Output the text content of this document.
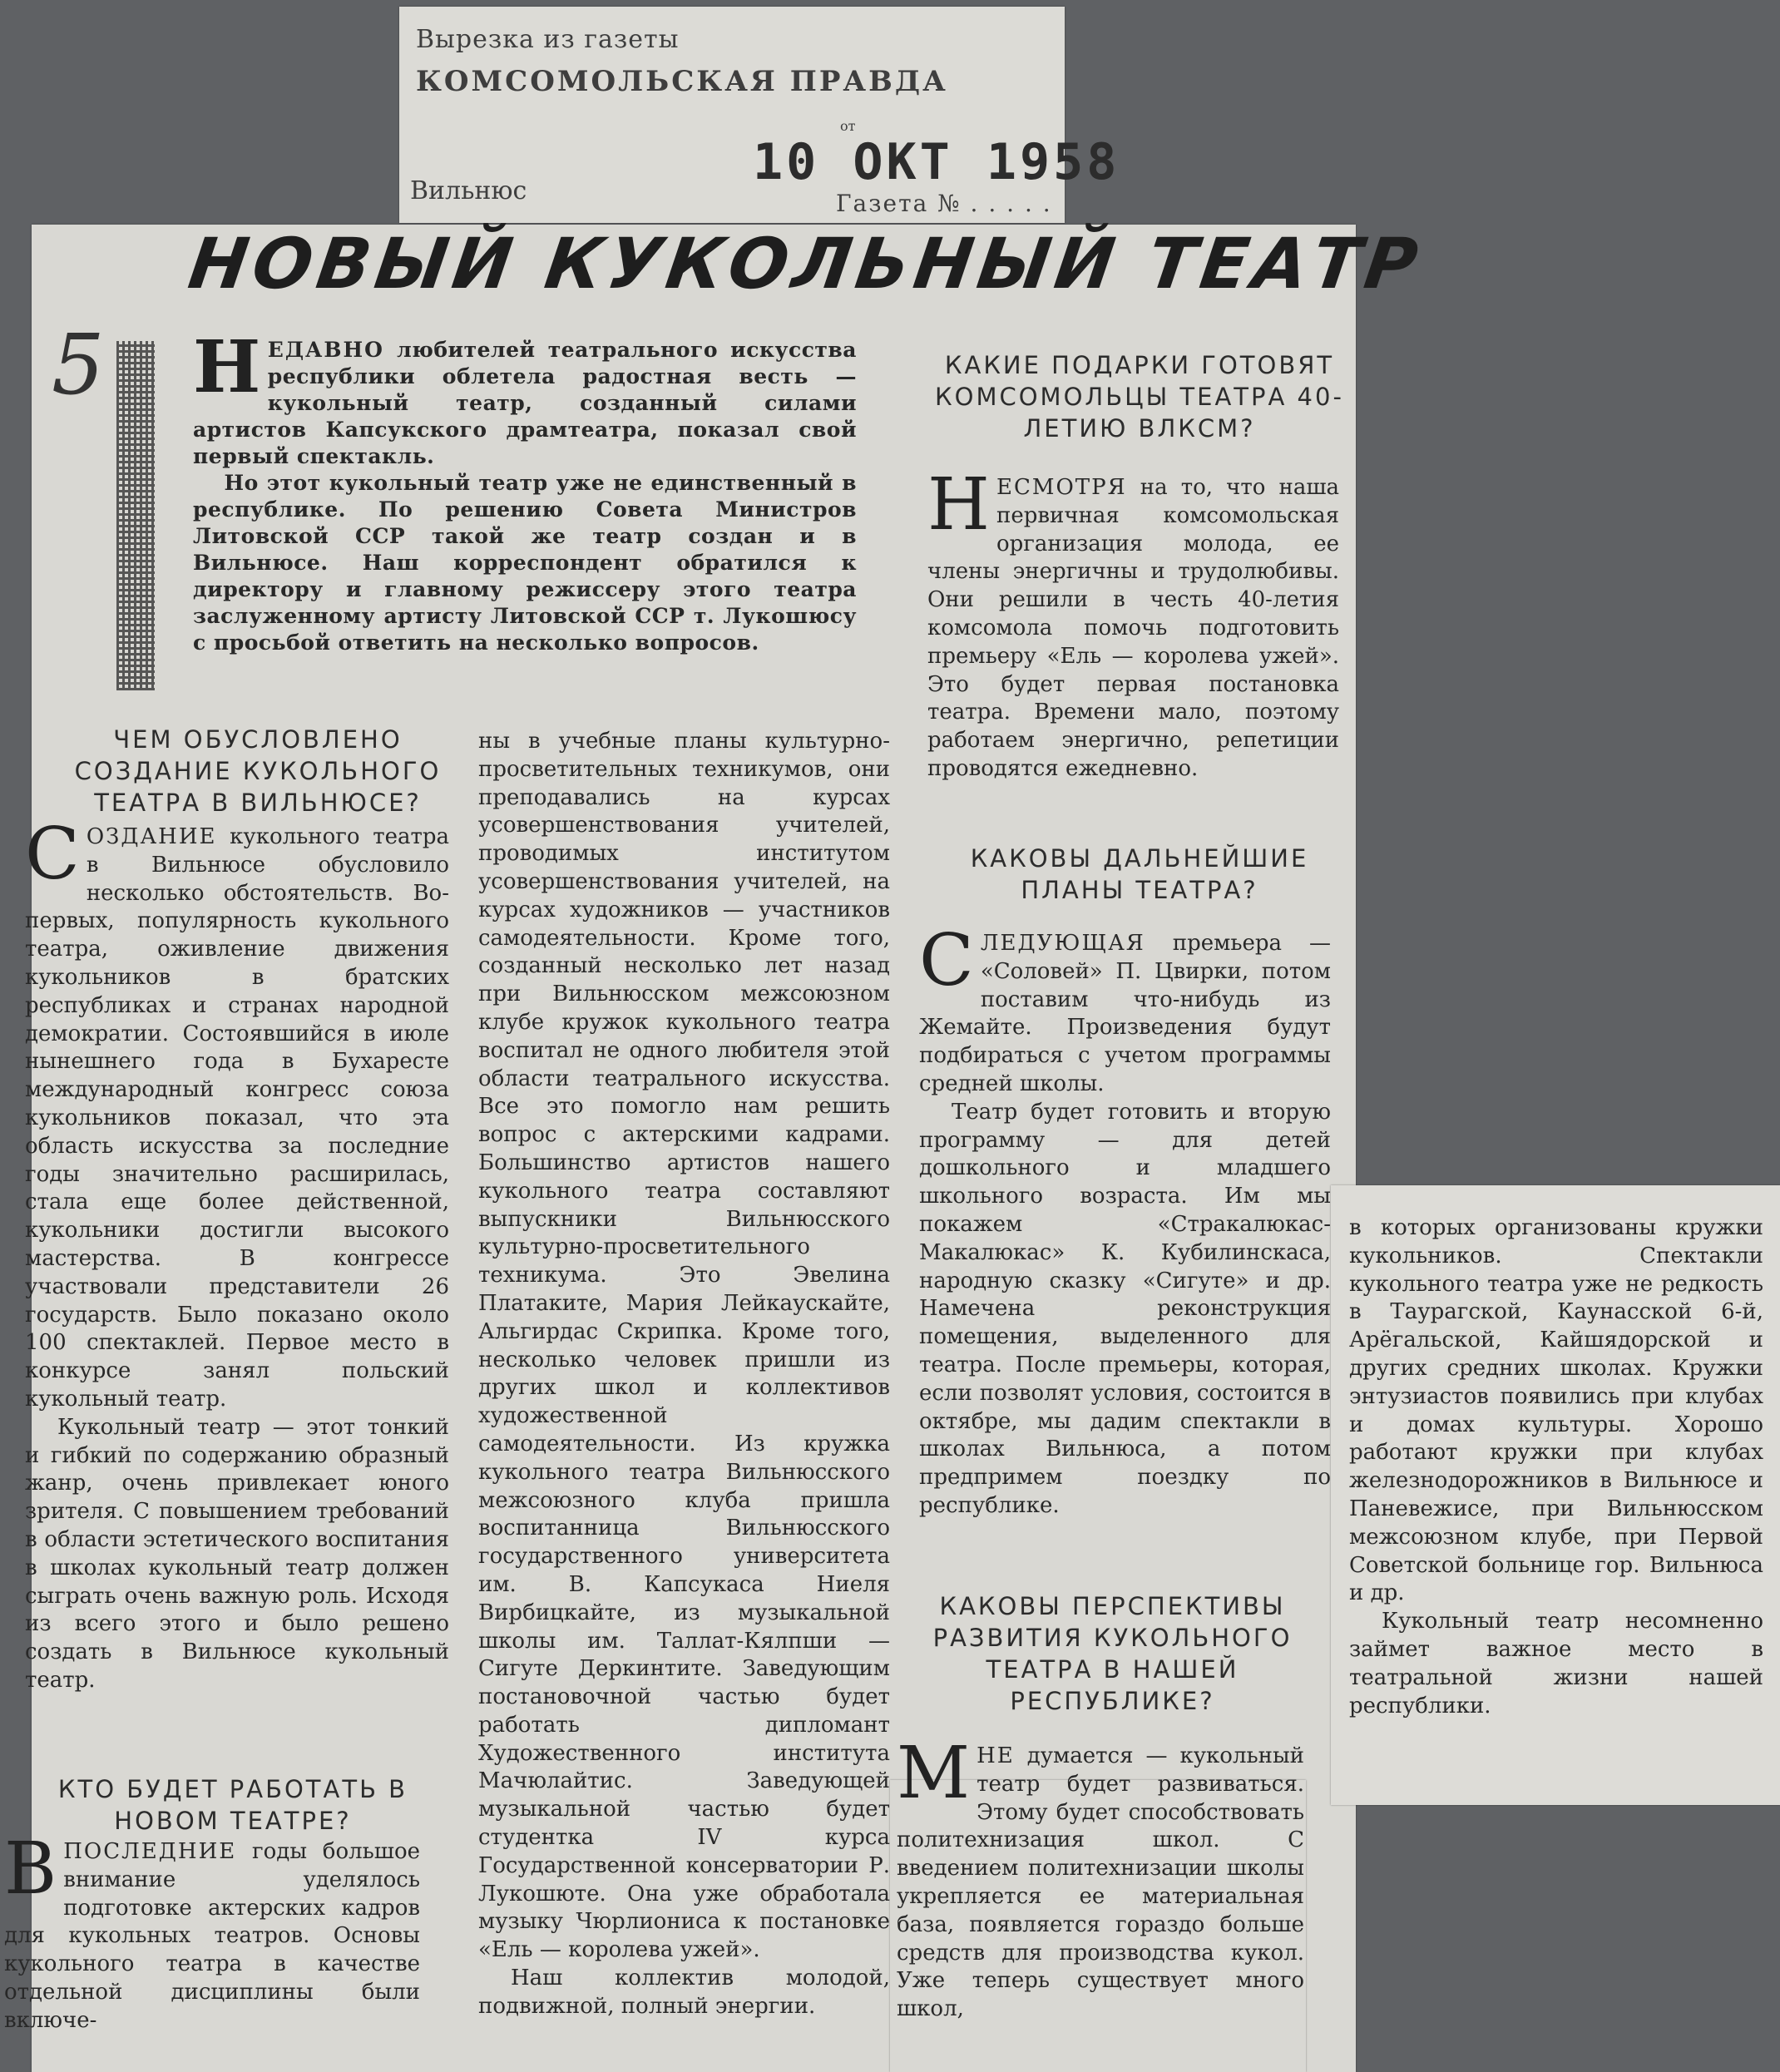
Вырезка из газеты
КОМСОМОЛЬСКАЯ ПРАВДА
Вильнюс
от
10 ОКТ 1958
Газета № . . . . .
НОВЫЙ КУКОЛЬНЫЙ ТЕАТР
5 НЕДАВНО любителей театрального искусства республики облетела радостная весть — кукольный театр, созданный силами артистов Капсукского драмтеатра, показал свой первый спектакль.

Но этот кукольный театр уже не единственный в республике. По решению Совета Министров Литовской ССР такой же театр создан и в Вильнюсе. Наш корреспондент обратился к директору и главному режиссеру этого театра заслуженному артисту Литовской ССР т. Лукошюсу с просьбой ответить на несколько вопросов.

ЧЕМ ОБУСЛОВЛЕНО СОЗДАНИЕ КУКОЛЬНОГО ТЕАТРА В ВИЛЬНЮСЕ?

СОЗДАНИЕ кукольного театра в Вильнюсе обусловило несколько обстоятельств. Во-первых, популярность кукольного театра, оживление движения кукольников в братских республиках и странах народной демократии. Состоявшийся в июле нынешнего года в Бухаресте международный конгресс союза кукольников показал, что эта область искусства за последние годы значительно расширилась, стала еще более действенной, кукольники достигли высокого мастерства. В конгрессе участвовали представители 26 государств. Было показано около 100 спектаклей. Первое место в конкурсе занял польский кукольный театр.

Кукольный театр — этот тонкий и гибкий по содержанию образный жанр, очень привлекает юного зрителя. С повышением требований в области эстетического воспитания в школах кукольный театр должен сыграть очень важную роль. Исходя из всего этого и было решено создать в Вильнюсе кукольный театр.

КТО БУДЕТ РАБОТАТЬ В НОВОМ ТЕАТРЕ?

ВПОСЛЕДНИЕ годы большое внимание уделялось подготовке актерских кадров для кукольных театров. Основы кукольного театра в качестве отдельной дисциплины были включе-

ны в учебные планы культурно-просветительных техникумов, они преподавались на курсах усовершенствования учителей, проводимых институтом усовершенствования учителей, на курсах художников — участников самодеятельности. Кроме того, созданный несколько лет назад при Вильнюсском межсоюзном клубе кружок кукольного театра воспитал не одного любителя этой области театрального искусства. Все это помогло нам решить вопрос с актерскими кадрами. Большинство артистов нашего кукольного театра составляют выпускники Вильнюсского культурно-просветительного техникума. Это Эвелина Платаките, Мария Лейкаускайте, Альгирдас Скрипка. Кроме того, несколько человек пришли из других школ и коллективов художественной самодеятельности. Из кружка кукольного театра Вильнюсского межсоюзного клуба пришла воспитанница Вильнюсского государственного университета им. В. Капсукаса Ниеля Вирбицкайте, из музыкальной школы им. Таллат-Кялпши — Сигуте Деркинтите. Заведующим постановочной частью будет работать дипломант Художественного института Мачюлайтис. Заведующей музыкальной частью будет студентка IV курса Государственной консерватории Р. Лукошюте. Она уже обработала музыку Чюрлиониса к постановке «Ель — королева ужей».

Наш коллектив молодой, подвижной, полный энергии.

КАКИЕ ПОДАРКИ ГОТОВЯТ КОМСОМОЛЬЦЫ ТЕАТРА 40-ЛЕТИЮ ВЛКСМ?

НЕСМОТРЯ на то, что наша первичная комсомольская организация молода, ее члены энергичны и трудолюбивы. Они решили в честь 40-летия комсомола помочь подготовить премьеру «Ель — королева ужей». Это будет первая постановка театра. Времени мало, поэтому работаем энергично, репетиции проводятся ежедневно.

КАКОВЫ ДАЛЬНЕЙШИЕ ПЛАНЫ ТЕАТРА?

СЛЕДУЮЩАЯ премьера — «Соловей» П. Цвирки, потом поставим что-нибудь из Жемайте. Произведения будут подбираться с учетом программы средней школы.

Театр будет готовить и вторую программу — для детей дошкольного и младшего школьного возраста. Им мы покажем «Стракалюкас-Макалюкас» К. Кубилинскаса, народную сказку «Сигуте» и др. Намечена реконструкция помещения, выделенного для театра. После премьеры, которая, если позволят условия, состоится в октябре, мы дадим спектакли в школах Вильнюса, а потом предпримем поездку по республике.

КАКОВЫ ПЕРСПЕКТИВЫ РАЗВИТИЯ КУКОЛЬНОГО ТЕАТРА В НАШЕЙ РЕСПУБЛИКЕ?

МНЕ думается — кукольный театр будет развиваться. Этому будет способствовать политехнизация школ. С введением политехнизации школы укрепляется ее материальная база, появляется гораздо больше средств для производства кукол. Уже теперь существует много школ,

в которых организованы кружки кукольников. Спектакли кукольного театра уже не редкость в Таурагской, Каунасской 6-й, Арёгальской, Кайшядорской и других средних школах. Кружки энтузиастов появились при клубах и домах культуры. Хорошо работают кружки при клубах железнодорожников в Вильнюсе и Паневежисе, при Вильнюсском межсоюзном клубе, при Первой Советской больнице гор. Вильнюса и др.

Кукольный театр несомненно займет важное место в театральной жизни нашей республики.
